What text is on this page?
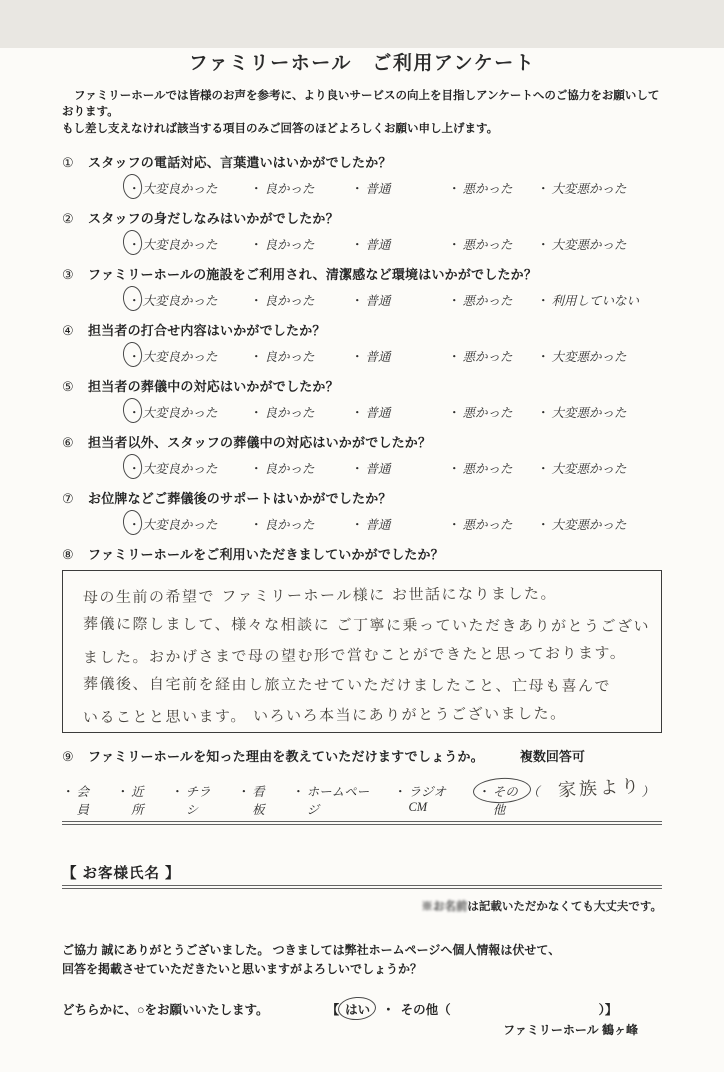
ファミリーホール　ご利用アンケート
ファミリーホールでは皆様のお声を参考に、より良いサービスの向上を目指しアンケートへのご協力をお願いしております。
もし差し支えなければ該当する項目のみご回答のほどよろしくお願い申し上げます。
①	スタッフの電話対応、言葉遣いはいかがでしたか？
・ 大変良かった	・ 良かった	・ 普通	・ 悪かった ・ 大変悪かった
②	スタッフの身だしなみはいかがでしたか？
・ 大変良かった	・ 良かった	・ 普通	・ 悪かった ・ 大変悪かった
③	ファミリーホールの施設をご利用され、清潔感など環境はいかがでしたか？
・ 大変良かった	・ 良かった	・ 普通	・ 悪かった ・ 利用していない
④	担当者の打合せ内容はいかがでしたか？
・ 大変良かった	・ 良かった	・ 普通	・ 悪かった ・ 大変悪かった
⑤	担当者の葬儀中の対応はいかがでしたか？
・ 大変良かった	・ 良かった	・ 普通	・ 悪かった ・ 大変悪かった
⑥	担当者以外、スタッフの葬儀中の対応はいかがでしたか？
・ 大変良かった	・ 良かった	・ 普通	・ 悪かった ・ 大変悪かった
⑦	お位牌などご葬儀後のサポートはいかがでしたか？
・ 大変良かった	・ 良かった	・ 普通	・ 悪かった ・ 大変悪かった
⑧	ファミリーホールをご利用いただきましていかがでしたか？
母の生前の希望で ファミリーホール様に お世話になりました。
葬儀に際しまして、様々な相談に ご丁寧に乗っていただきありがとうござい
ました。おかげさまで母の望む形で営むことができたと思っております。
葬儀後、自宅前を経由し旅立たせていただけましたこと、亡母も喜んで
いることと思います。 いろいろ本当にありがとうございました。
⑨	ファミリーホールを知った理由を教えていただけますでしょうか。	複数回答可
・ 会員
・ 近所
・ チラシ
・ 看板
・ ホームページ
・ ラジオCM
・ その他
（ 家族より ）
【 お客様氏名 】
※お名前は記載いただかなくても大丈夫です。
ご協力 誠にありがとうございました。 つきましては弊社ホームページへ個人情報は伏せて、
回答を掲載させていただきたいと思いますがよろしいでしょうか？
どちらかに、○をお願いいたします。	【 はい ・ その他（	）】
ファミリーホール 鶴ヶ峰
